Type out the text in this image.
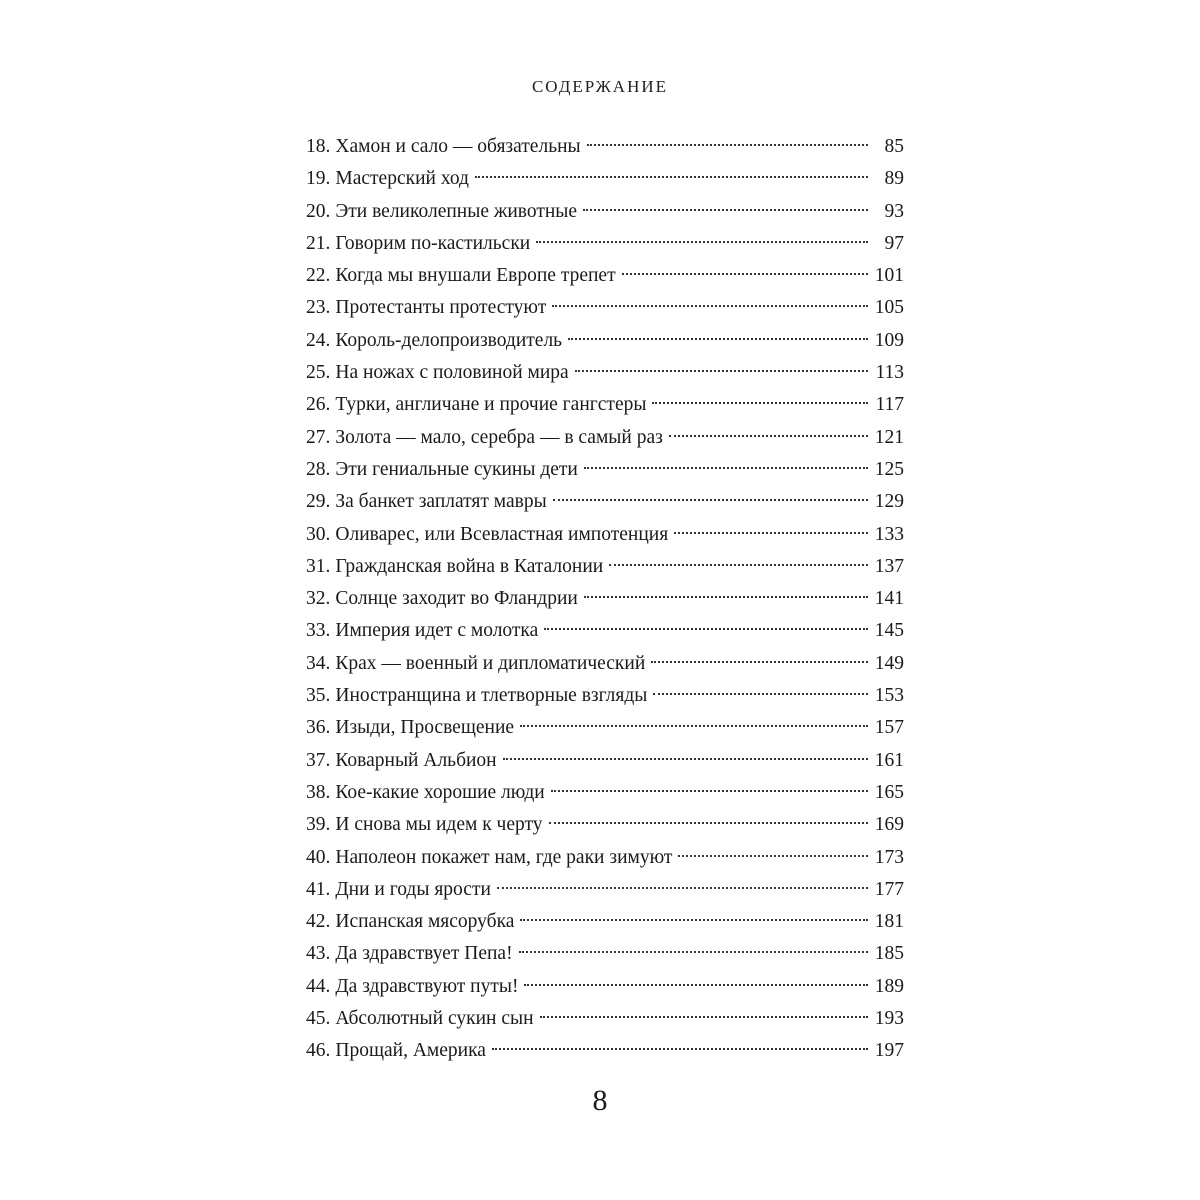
СОДЕРЖАНИЕ
18. Хамон и сало — обязательны	85
19. Мастерский ход	89
20. Эти великолепные животные	93
21. Говорим по-кастильски	97
22. Когда мы внушали Европе трепет	101
23. Протестанты протестуют	105
24. Король-делопроизводитель	109
25. На ножах с половиной мира	113
26. Турки, англичане и прочие гангстеры	117
27. Золота — мало, серебра — в самый раз	121
28. Эти гениальные сукины дети	125
29. За банкет заплатят мавры	129
30. Оливарес, или Всевластная импотенция	133
31. Гражданская война в Каталонии	137
32. Солнце заходит во Фландрии	141
33. Империя идет с молотка	145
34. Крах — военный и дипломатический	149
35. Иностранщина и тлетворные взгляды	153
36. Изыди, Просвещение	157
37. Коварный Альбион	161
38. Кое-какие хорошие люди	165
39. И снова мы идем к черту	169
40. Наполеон покажет нам, где раки зимуют	173
41. Дни и годы ярости	177
42. Испанская мясорубка	181
43. Да здравствует Пепа!	185
44. Да здравствуют путы!	189
45. Абсолютный сукин сын	193
46. Прощай, Америка	197
8
